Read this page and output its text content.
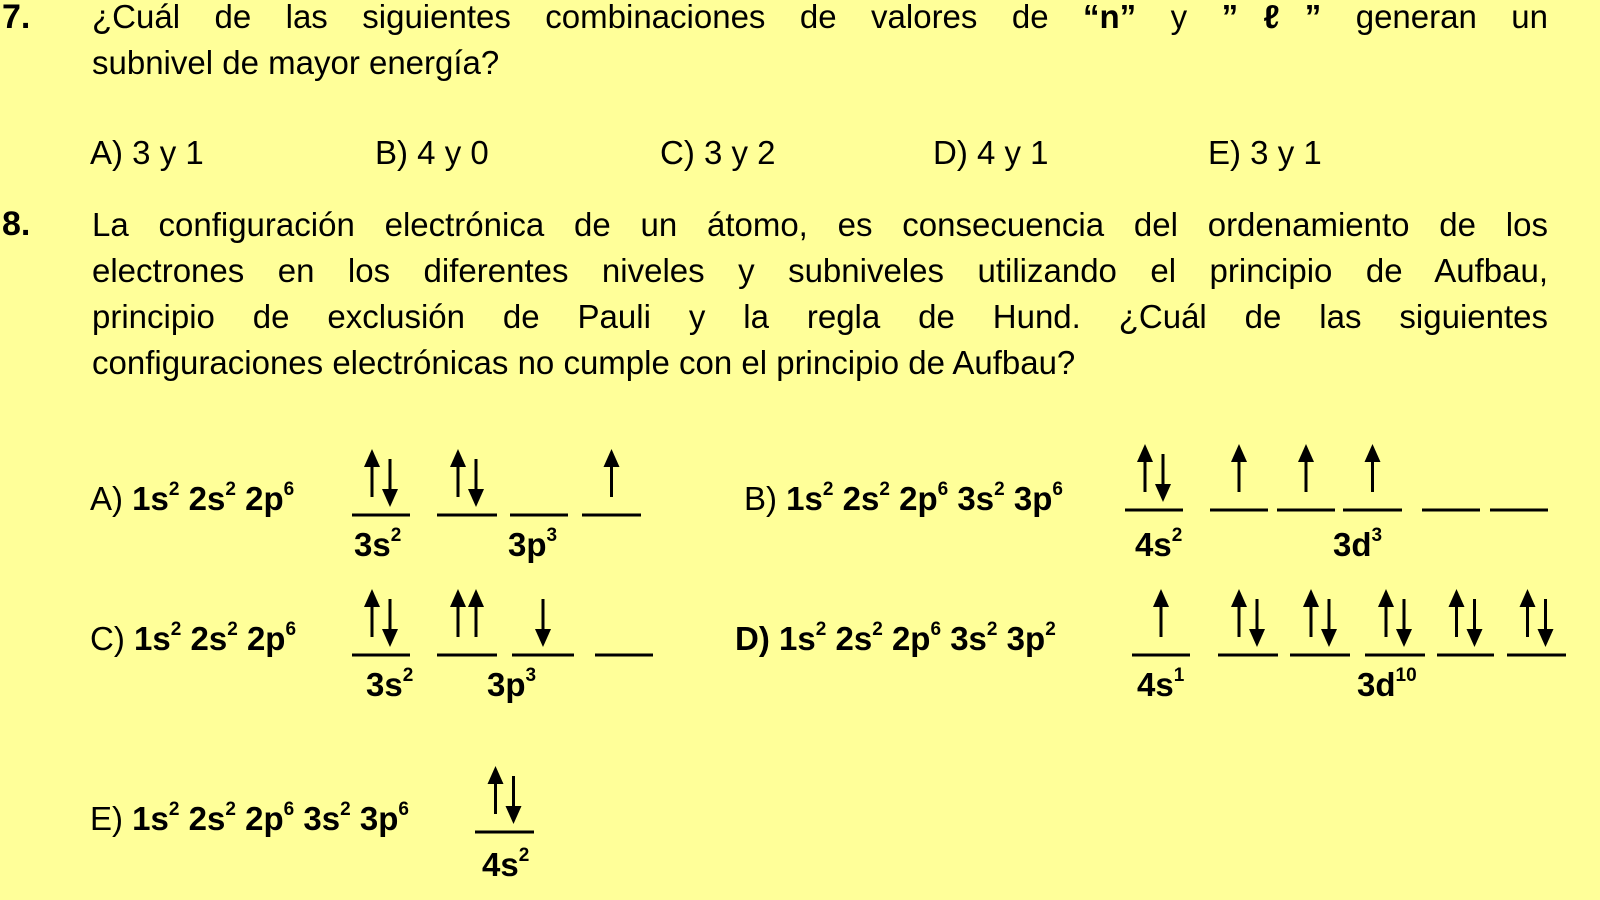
7. ¿Cuál de las siguientes combinaciones de valores de “n” y ”ℓ” generan un
subnivel de mayor energía?
A) 3 y 1	B) 4 y 0	C) 3 y 2	D) 4 y 1	E) 3 y 1
8. La configuración electrónica de un átomo, es consecuencia del ordenamiento de los
electrones en los diferentes niveles y subniveles utilizando el principio de Aufbau,
principio de exclusión de Pauli y la regla de Hund. ¿Cuál de las siguientes
configuraciones electrónicas no cumple con el principio de Aufbau?
A) $1s^2$ $2s^2$ $2p^6$
$3s^2$	$3p^3$
B) $1s^2$ $2s^2$ $2p^6$ $3s^2$ $3p^6$
$4s^2$	$3d^3$
C) $1s^2$ $2s^2$ $2p^6$
$3s^2$ $3p^3$
D) $1s^2$ $2s^2$ $2p^6$ $3s^2$ $3p^2$
$4s^1$	$3d^{10}$
E) $1s^2$ $2s^2$ $2p^6$ $3s^2$ $3p^6$
$4s^2$
